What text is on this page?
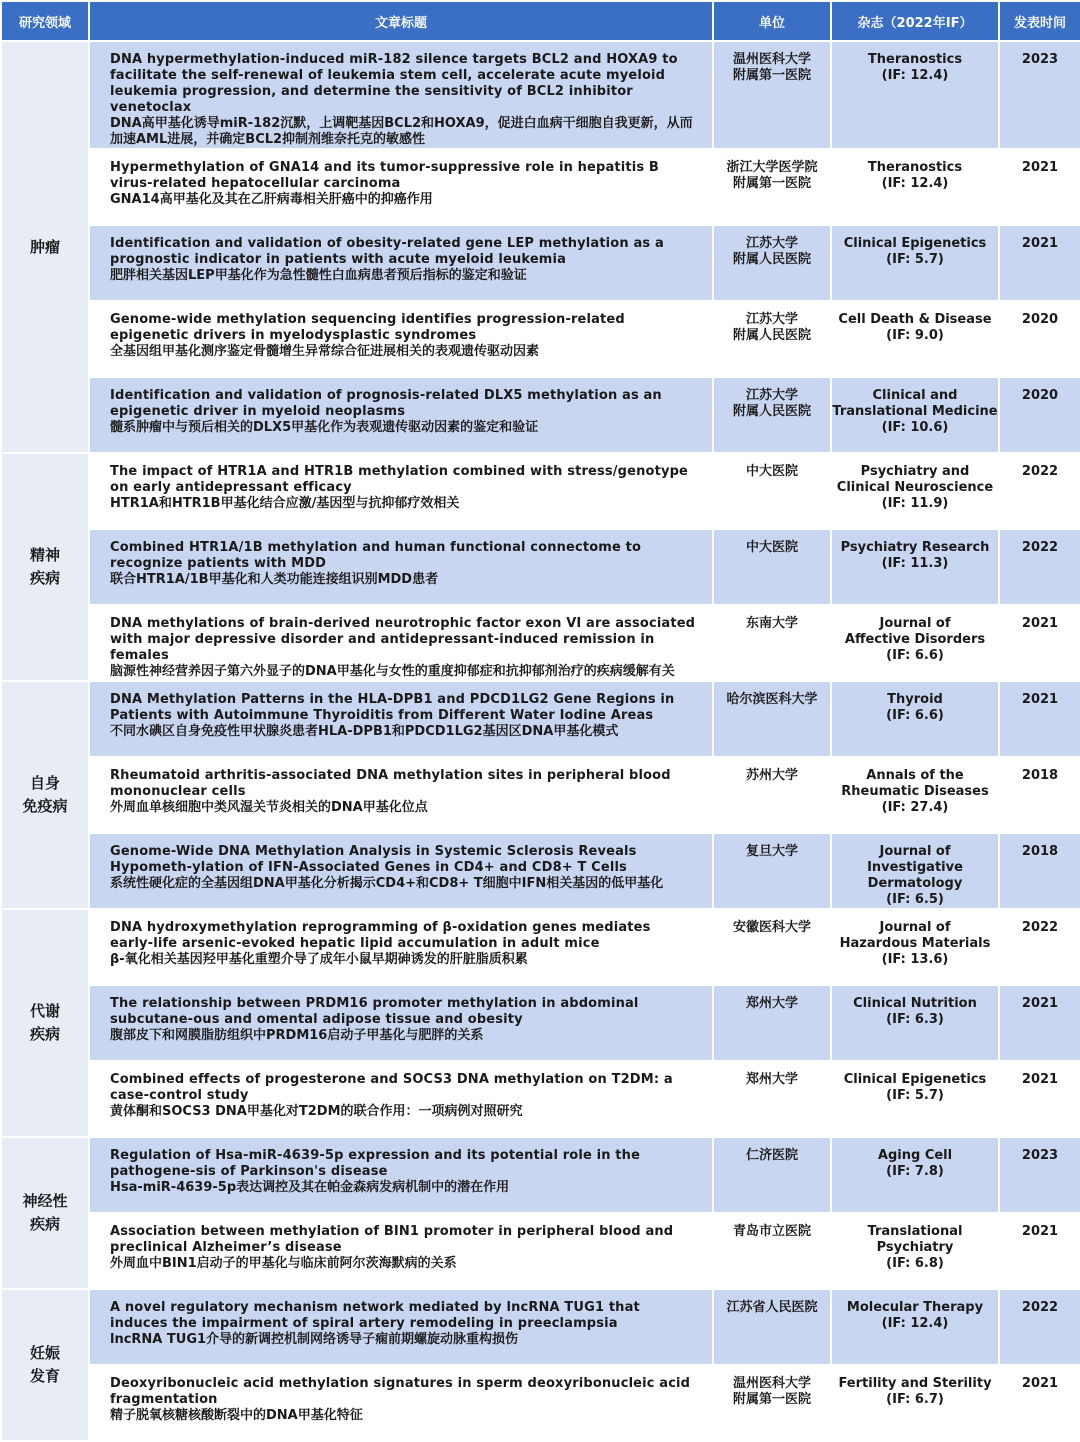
研究领域	文章标题	单位	杂志（2022年IF）	发表时间

肿瘤	DNA hypermethylation-induced miR-182 silence targets BCL2 and HOXA9 to facilitate the self-renewal of leukemia stem cell, accelerate acute myeloid leukemia progression, and determine the sensitivity of BCL2 inhibitor venetoclax
DNA高甲基化诱导miR-182沉默，上调靶基因BCL2和HOXA9，促进白血病干细胞自我更新，从而加速AML进展，并确定BCL2抑制剂维奈托克的敏感性	温州医科大学
附属第一医院	Theranostics
(IF: 12.4)	2023

	Hypermethylation of GNA14 and its tumor-suppressive role in hepatitis B virus-related hepatocellular carcinoma
GNA14高甲基化及其在乙肝病毒相关肝癌中的抑癌作用	浙江大学医学院
附属第一医院	Theranostics
(IF: 12.4)	2021

	Identification and validation of obesity-related gene LEP methylation as a prognostic indicator in patients with acute myeloid leukemia
肥胖相关基因LEP甲基化作为急性髓性白血病患者预后指标的鉴定和验证	江苏大学
附属人民医院	Clinical Epigenetics
(IF: 5.7)	2021

	Genome-wide methylation sequencing identifies progression-related epigenetic drivers in myelodysplastic syndromes
全基因组甲基化测序鉴定骨髓增生异常综合征进展相关的表观遗传驱动因素	江苏大学
附属人民医院	Cell Death & Disease
(IF: 9.0)	2020

	Identification and validation of prognosis-related DLX5 methylation as an epigenetic driver in myeloid neoplasms
髓系肿瘤中与预后相关的DLX5甲基化作为表观遗传驱动因素的鉴定和验证	江苏大学
附属人民医院	Clinical and
Translational Medicine
(IF: 10.6)	2020

精神
疾病	The impact of HTR1A and HTR1B methylation combined with stress/genotype on early antidepressant efficacy
HTR1A和HTR1B甲基化结合应激/基因型与抗抑郁疗效相关	中大医院	Psychiatry and
Clinical Neuroscience
(IF: 11.9)	2022

	Combined HTR1A/1B methylation and human functional connectome to recognize patients with MDD
联合HTR1A/1B甲基化和人类功能连接组识别MDD患者	中大医院	Psychiatry Research
(IF: 11.3)	2022

	DNA methylations of brain-derived neurotrophic factor exon VI are associated with major depressive disorder and antidepressant-induced remission in females
脑源性神经营养因子第六外显子的DNA甲基化与女性的重度抑郁症和抗抑郁剂治疗的疾病缓解有关	东南大学	Journal of
Affective Disorders
(IF: 6.6)	2021

自身
免疫病	DNA Methylation Patterns in the HLA-DPB1 and PDCD1LG2 Gene Regions in Patients with Autoimmune Thyroiditis from Different Water Iodine Areas
不同水碘区自身免疫性甲状腺炎患者HLA-DPB1和PDCD1LG2基因区DNA甲基化模式	哈尔滨医科大学	Thyroid
(IF: 6.6)	2021

	Rheumatoid arthritis-associated DNA methylation sites in peripheral blood mononuclear cells
外周血单核细胞中类风湿关节炎相关的DNA甲基化位点	苏州大学	Annals of the
Rheumatic Diseases
(IF: 27.4)	2018

	Genome-Wide DNA Methylation Analysis in Systemic Sclerosis Reveals Hypometh-ylation of IFN-Associated Genes in CD4+ and CD8+ T Cells
系统性硬化症的全基因组DNA甲基化分析揭示CD4+和CD8+ T细胞中IFN相关基因的低甲基化	复旦大学	Journal of Investigative
Dermatology
(IF: 6.5)	2018

代谢
疾病	DNA hydroxymethylation reprogramming of β-oxidation genes mediates early-life arsenic-evoked hepatic lipid accumulation in adult mice
β-氧化相关基因羟甲基化重塑介导了成年小鼠早期砷诱发的肝脏脂质积累	安徽医科大学	Journal of
Hazardous Materials
(IF: 13.6)	2022

	The relationship between PRDM16 promoter methylation in abdominal subcutane-ous and omental adipose tissue and obesity
腹部皮下和网膜脂肪组织中PRDM16启动子甲基化与肥胖的关系	郑州大学	Clinical Nutrition
(IF: 6.3)	2021

	Combined effects of progesterone and SOCS3 DNA methylation on T2DM: a case-control study
黄体酮和SOCS3 DNA甲基化对T2DM的联合作用：一项病例对照研究	郑州大学	Clinical Epigenetics
(IF: 5.7)	2021

神经性
疾病	Regulation of Hsa-miR-4639-5p expression and its potential role in the pathogene-sis of Parkinson's disease
Hsa-miR-4639-5p表达调控及其在帕金森病发病机制中的潜在作用	仁济医院	Aging Cell
(IF: 7.8)	2023

	Association between methylation of BIN1 promoter in peripheral blood and preclinical Alzheimer’s disease
外周血中BIN1启动子的甲基化与临床前阿尔茨海默病的关系	青岛市立医院	Translational
Psychiatry
(IF: 6.8)	2021

妊娠
发育	A novel regulatory mechanism network mediated by lncRNA TUG1 that induces the impairment of spiral artery remodeling in preeclampsia
lncRNA TUG1介导的新调控机制网络诱导子痫前期螺旋动脉重构损伤	江苏省人民医院	Molecular Therapy
(IF: 12.4)	2022

	Deoxyribonucleic acid methylation signatures in sperm deoxyribonucleic acid fragmentation
精子脱氧核糖核酸断裂中的DNA甲基化特征	温州医科大学
附属第一医院	Fertility and Sterility
(IF: 6.7)	2021
